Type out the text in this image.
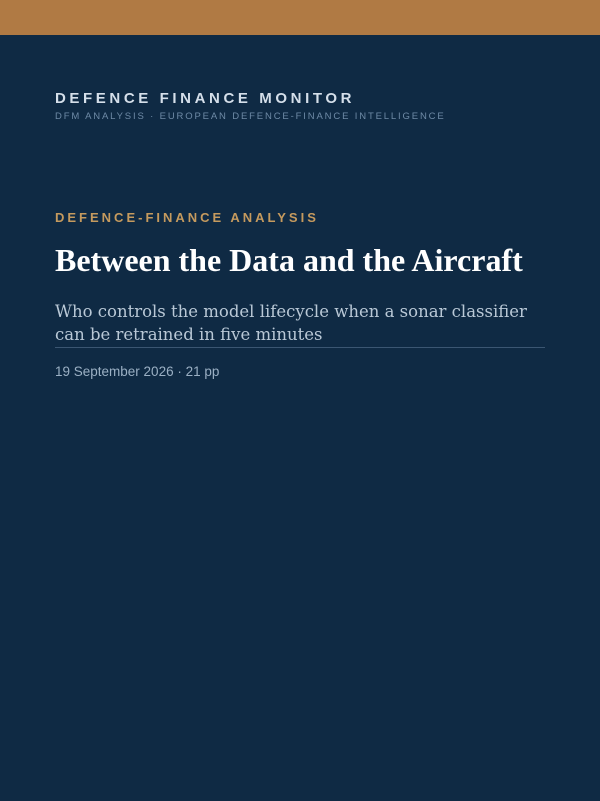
DEFENCE FINANCE MONITOR
DFM ANALYSIS · EUROPEAN DEFENCE-FINANCE INTELLIGENCE
DEFENCE-FINANCE ANALYSIS
Between the Data and the Aircraft
Who controls the model lifecycle when a sonar classifier can be retrained in five minutes
19 September 2026 · 21 pp
